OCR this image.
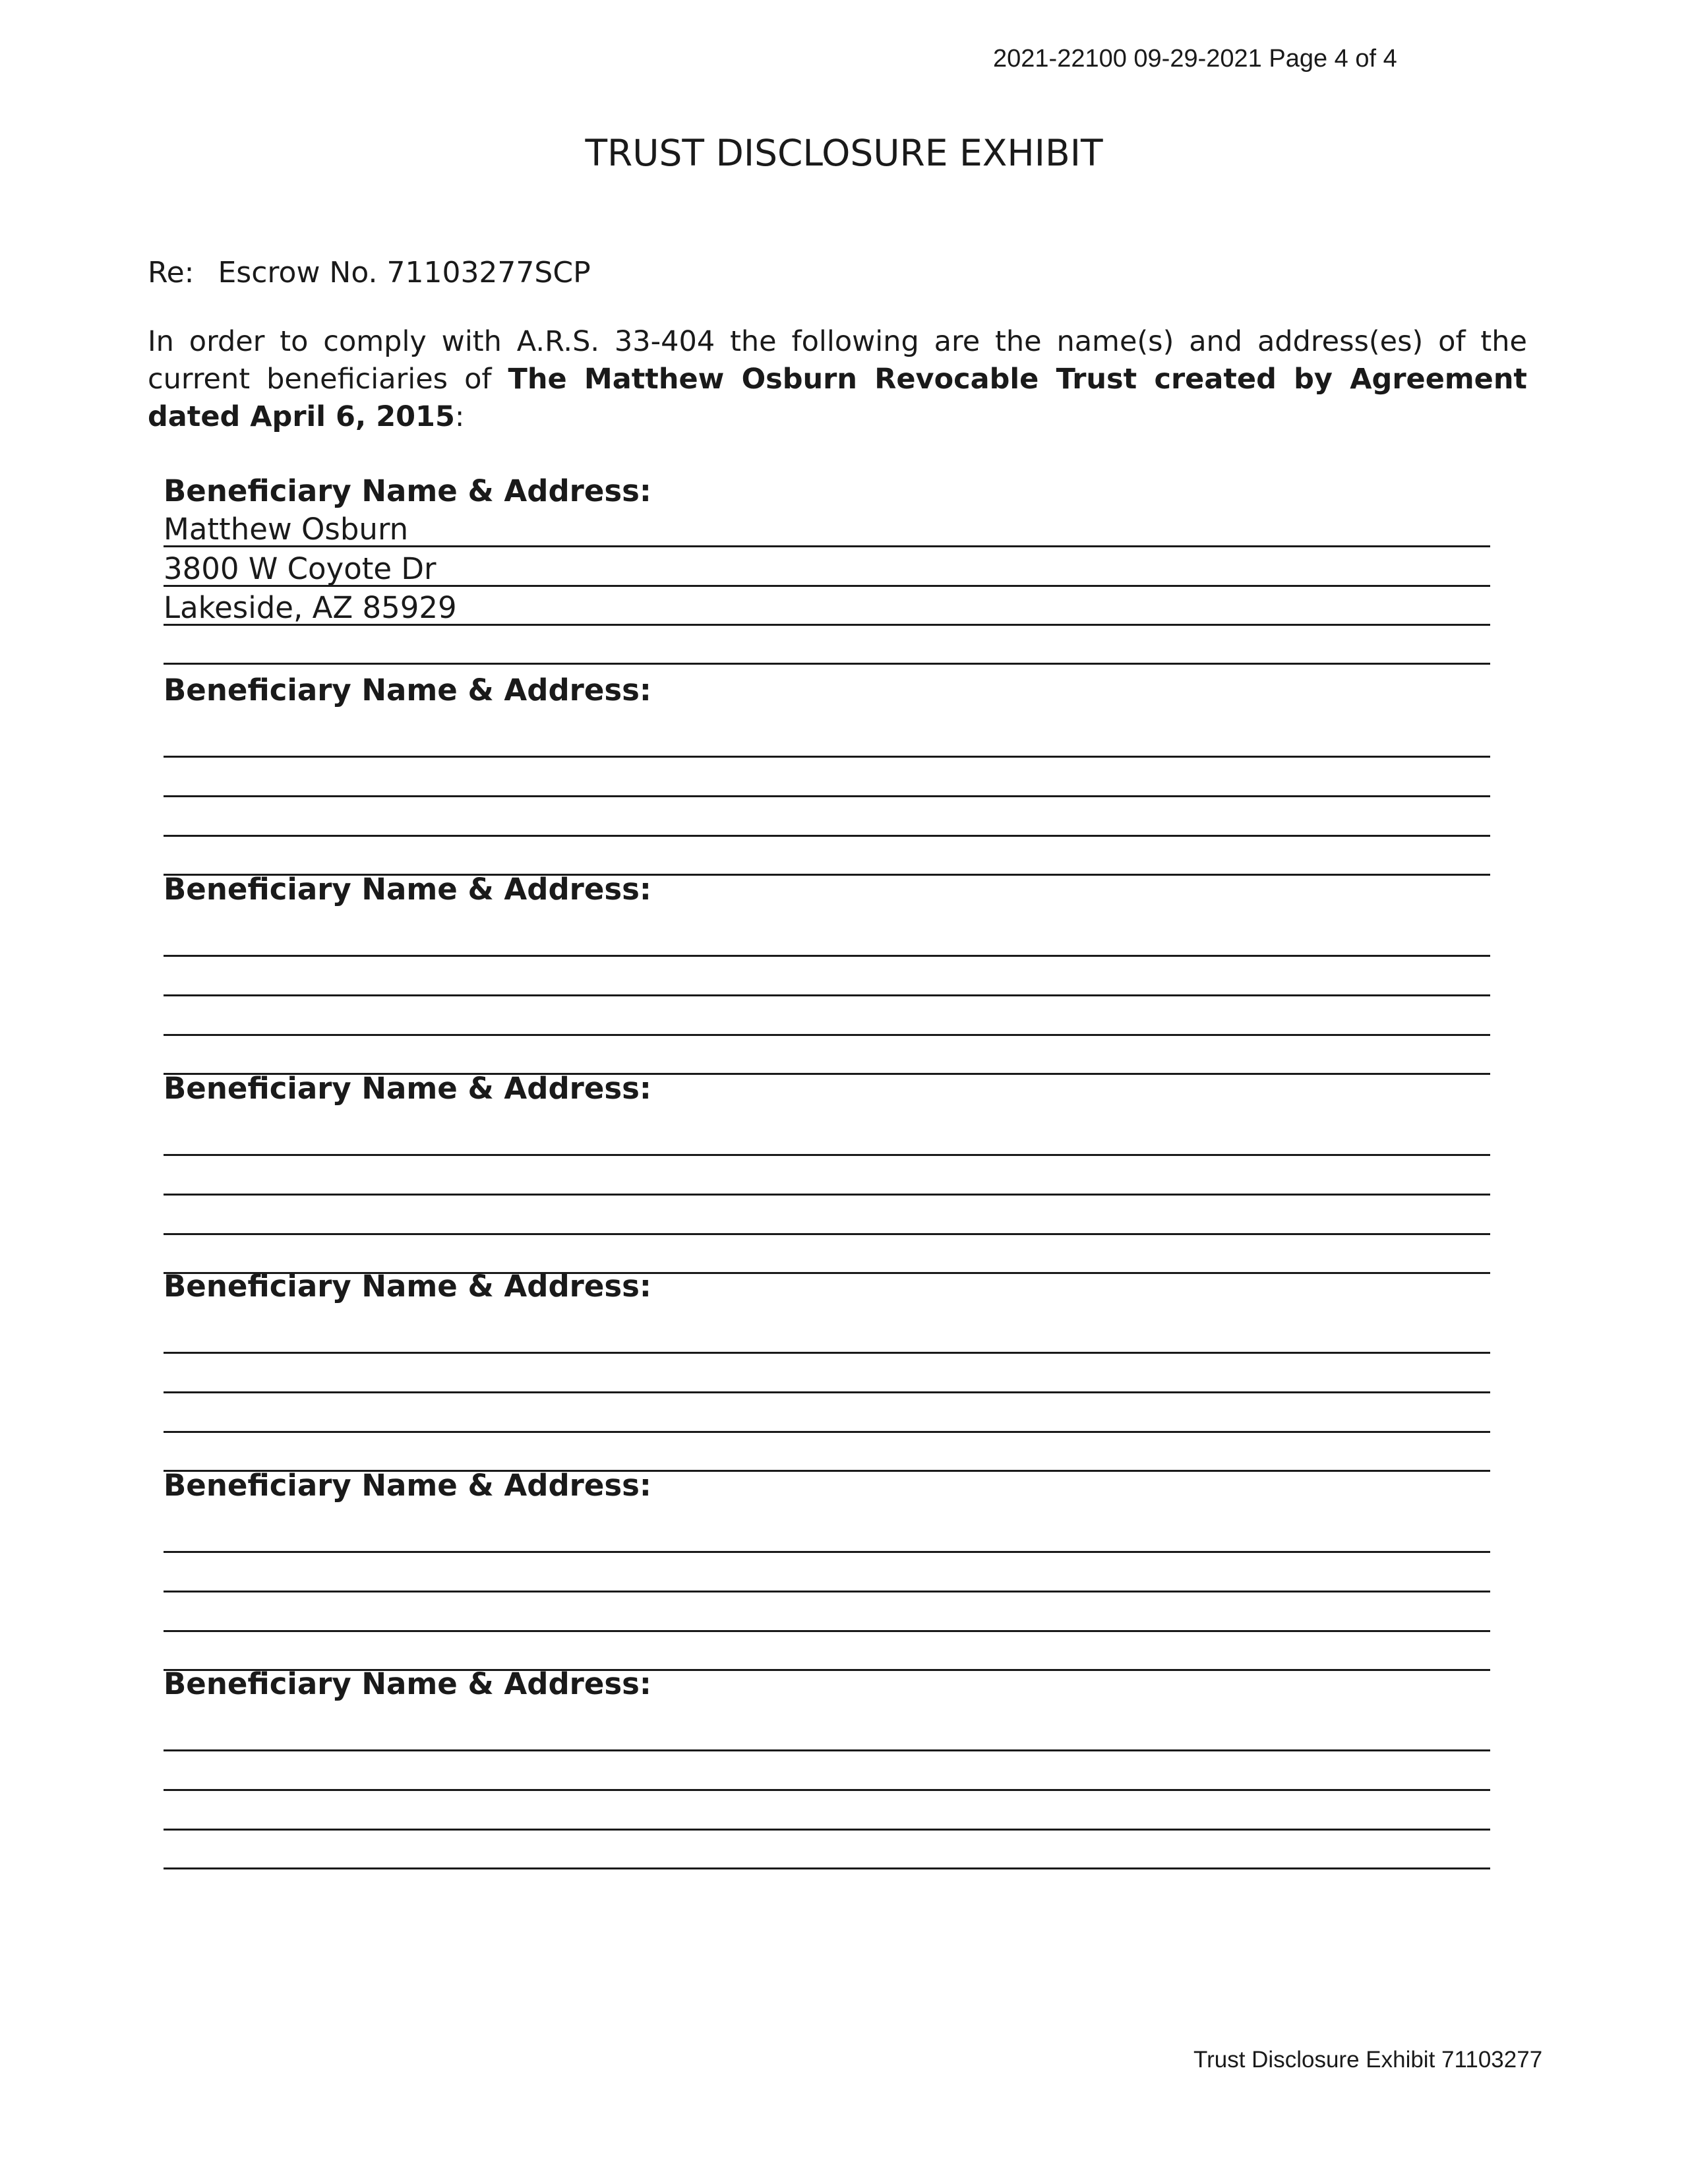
2021-22100 09-29-2021 Page 4 of 4
TRUST DISCLOSURE EXHIBIT
Re: Escrow No. 71103277SCP
In order to comply with A.R.S. 33-404 the following are the name(s) and address(es) of the current beneficiaries of The Matthew Osburn Revocable Trust created by Agreement dated April 6, 2015:
Beneficiary Name & Address:
Matthew Osburn
3800 W Coyote Dr
Lakeside, AZ 85929
Beneficiary Name & Address:
Beneficiary Name & Address:
Beneficiary Name & Address:
Beneficiary Name & Address:
Beneficiary Name & Address:
Beneficiary Name & Address:
Trust Disclosure Exhibit 71103277
